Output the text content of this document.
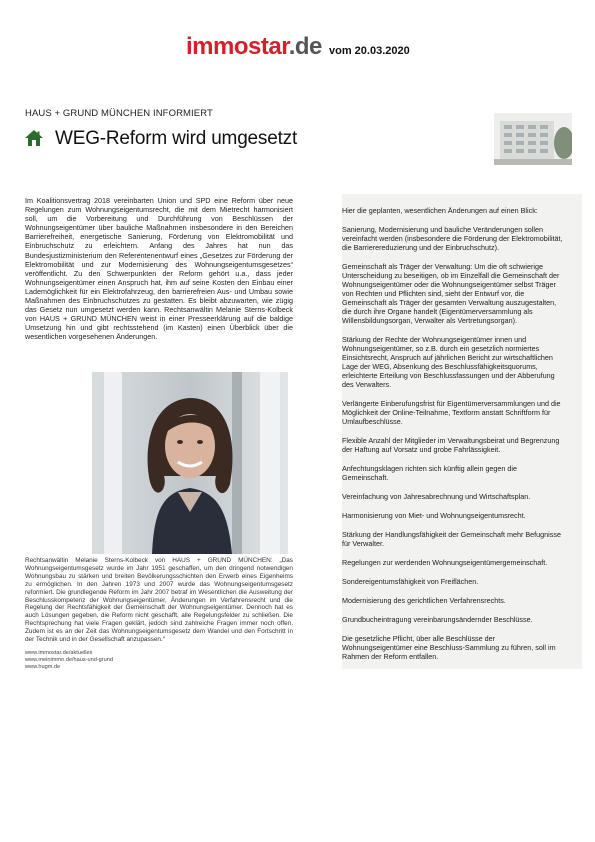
immostar.de vom 20.03.2020
HAUS + GRUND MÜNCHEN INFORMIERT
WEG-Reform wird umgesetzt
Im Koalitionsvertrag 2018 vereinbarten Union und SPD eine Reform über neue Regelungen zum Wohnungseigentumsrecht, die mit dem Mietrecht harmonisiert soll, um die Vorbereitung und Durchführung von Beschlüssen der Wohnungseigentümer über bauliche Maßnahmen insbesondere in den Bereichen Barrierefreiheit, energetische Sanierung, Förderung von Elektromobilität und Einbruchschutz zu erleichtern. Anfang des Jahres hat nun das Bundesjustizministerium den Referentenentwurf eines „Gesetzes zur Förderung der Elektromobilität und zur Modernisierung des Wohnungseigentumsgesetzes“ veröffentlicht. Zu den Schwerpunkten der Reform gehört u.a., dass jeder Wohnungseigentümer einen Anspruch hat, ihm auf seine Kosten den Einbau einer Lademöglichkeit für ein Elektrofahrzeug, den barrierefreien Aus- und Umbau sowie Maßnahmen des Einbruchschutzes zu gestatten. Es bleibt abzuwarten, wie zügig das Gesetz nun umgesetzt werden kann. Rechtsanwältin Melanie Sterns-Kolbeck von HAUS + GRUND MÜNCHEN weist in einer Presseerklärung auf die baldige Umsetzung hin und gibt rechtsstehend (im Kasten) einen Überblick über die wesentlichen vorgesehenen Änderungen.
Rechtsanwältin Melanie Sterns-Kolbeck von HAUS + GRUND MÜNCHEN: „Das Wohnungseigentumsgesetz wurde im Jahr 1951 geschaffen, um den dringend notwendigen Wohnungsbau zu stärken und breiten Bevölkerungsschichten den Erwerb eines Eigenheims zu ermöglichen. In den Jahren 1973 und 2007 wurde das Wohnungseigentumsgesetz reformiert. Die grundlegende Reform im Jahr 2007 betraf im Wesentlichen die Ausweitung der Beschlusskompetenz der Wohnungseigentümer, Änderungen im Verfahrensrecht und die Regelung der Rechtsfähigkeit der Gemeinschaft der Wohnungseigentümer. Dennoch hat es auch Lösungen gegeben, die Reform nicht geschafft, alle Regelungsfelder zu schließen. Die Rechtsprechung hat viele Fragen geklärt, jedoch sind zahlreiche Fragen immer noch offen. Zudem ist es an der Zeit das Wohnungseigentumsgesetz dem Wandel und den Fortschritt in der Technik und in der Gesellschaft anzupassen.“
www.immostar.de/aktuelles
www.meinimmo.de/haus-und-grund
www.hugm.de

Hier die geplanten, wesentlichen Änderungen auf einen Blick:

Sanierung, Modernisierung und bauliche Veränderungen sollen vereinfacht werden (insbesondere die Förderung der Elektromobilität, die Barrierereduzierung und der Einbruchschutz).

Gemeinschaft als Träger der Verwaltung: Um die oft schwierige Unterscheidung zu beseitigen, ob im Einzelfall die Gemeinschaft der Wohnungseigentümer oder die Wohnungseigentümer selbst Träger von Rechten und Pflichten sind, sieht der Entwurf vor, die Gemeinschaft als Träger der gesamten Verwaltung auszugestalten, die durch ihre Organe handelt (Eigentümerversammlung als Willensbildungsorgan, Verwalter als Vertretungsorgan).

Stärkung der Rechte der Wohnungseigentümer innen und Wohnungseigentümer, so z.B. durch ein gesetzlich normiertes Einsichtsrecht, Anspruch auf jährlichen Bericht zur wirtschaftlichen Lage der WEG, Absenkung des Beschlussfähigkeitsquorums, erleichterte Erteilung von Beschlussfassungen und der Abberufung des Verwalters.

Verlängerte Einberufungsfrist für Eigentümerversammlungen und die Möglichkeit der Online-Teilnahme, Textform anstatt Schriftform für Umlaufbeschlüsse.

Flexible Anzahl der Mitglieder im Verwaltungsbeirat und Begrenzung der Haftung auf Vorsatz und grobe Fahrlässigkeit.

Anfechtungsklagen richten sich künftig allein gegen die Gemeinschaft.

Vereinfachung von Jahresabrechnung und Wirtschaftsplan.

Harmonisierung von Miet- und Wohnungseigentumsrecht.

Stärkung der Handlungsfähigkeit der Gemeinschaft mehr Befugnisse für Verwalter.

Regelungen zur werdenden Wohnungseigentümergemeinschaft.

Sondereigentumsfähigkeit von Freiflächen.

Modernisierung des gerichtlichen Verfahrensrechts.

Grundbucheintragung vereinbarungsändernder Beschlüsse.

Die gesetzliche Pflicht, über alle Beschlüsse der Wohnungseigentümer eine Beschluss-Sammlung zu führen, soll im Rahmen der Reform entfallen.
